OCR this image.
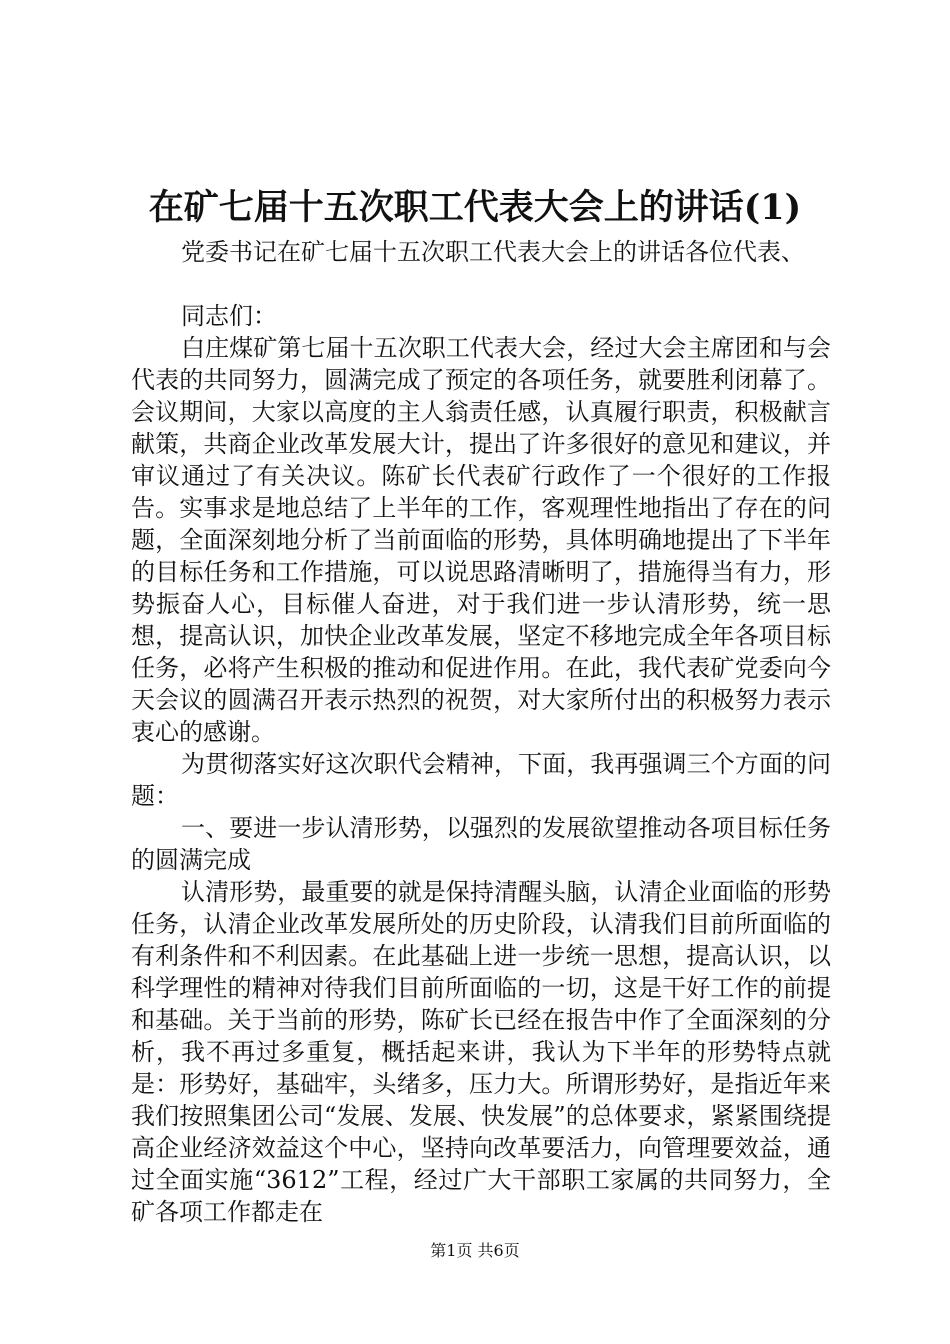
在矿七届十五次职工代表大会上的讲话(1)
党委书记在矿七届十五次职工代表大会上的讲话各位代表、

同志们：

白庄煤矿第七届十五次职工代表大会，经过大会主席团和与会代表的共同努力，圆满完成了预定的各项任务，就要胜利闭幕了。会议期间，大家以高度的主人翁责任感，认真履行职责，积极献言献策，共商企业改革发展大计，提出了许多很好的意见和建议，并审议通过了有关决议。陈矿长代表矿行政作了一个很好的工作报告。实事求是地总结了上半年的工作，客观理性地指出了存在的问题，全面深刻地分析了当前面临的形势，具体明确地提出了下半年的目标任务和工作措施，可以说思路清晰明了，措施得当有力，形势振奋人心，目标催人奋进，对于我们进一步认清形势，统一思想，提高认识，加快企业改革发展，坚定不移地完成全年各项目标任务，必将产生积极的推动和促进作用。在此，我代表矿党委向今天会议的圆满召开表示热烈的祝贺，对大家所付出的积极努力表示衷心的感谢。

为贯彻落实好这次职代会精神，下面，我再强调三个方面的问题：

一、要进一步认清形势，以强烈的发展欲望推动各项目标任务的圆满完成

认清形势，最重要的就是保持清醒头脑，认清企业面临的形势任务，认清企业改革发展所处的历史阶段，认清我们目前所面临的有利条件和不利因素。在此基础上进一步统一思想，提高认识，以科学理性的精神对待我们目前所面临的一切，这是干好工作的前提和基础。关于当前的形势，陈矿长已经在报告中作了全面深刻的分析，我不再过多重复，概括起来讲，我认为下半年的形势特点就是：形势好，基础牢，头绪多，压力大。所谓形势好，是指近年来我们按照集团公司“发展、发展、快发展”的总体要求，紧紧围绕提高企业经济效益这个中心，坚持向改革要活力，向管理要效益，通过全面实施“3612”工程，经过广大干部职工家属的共同努力，全矿各项工作都走在

第1页 共6页
